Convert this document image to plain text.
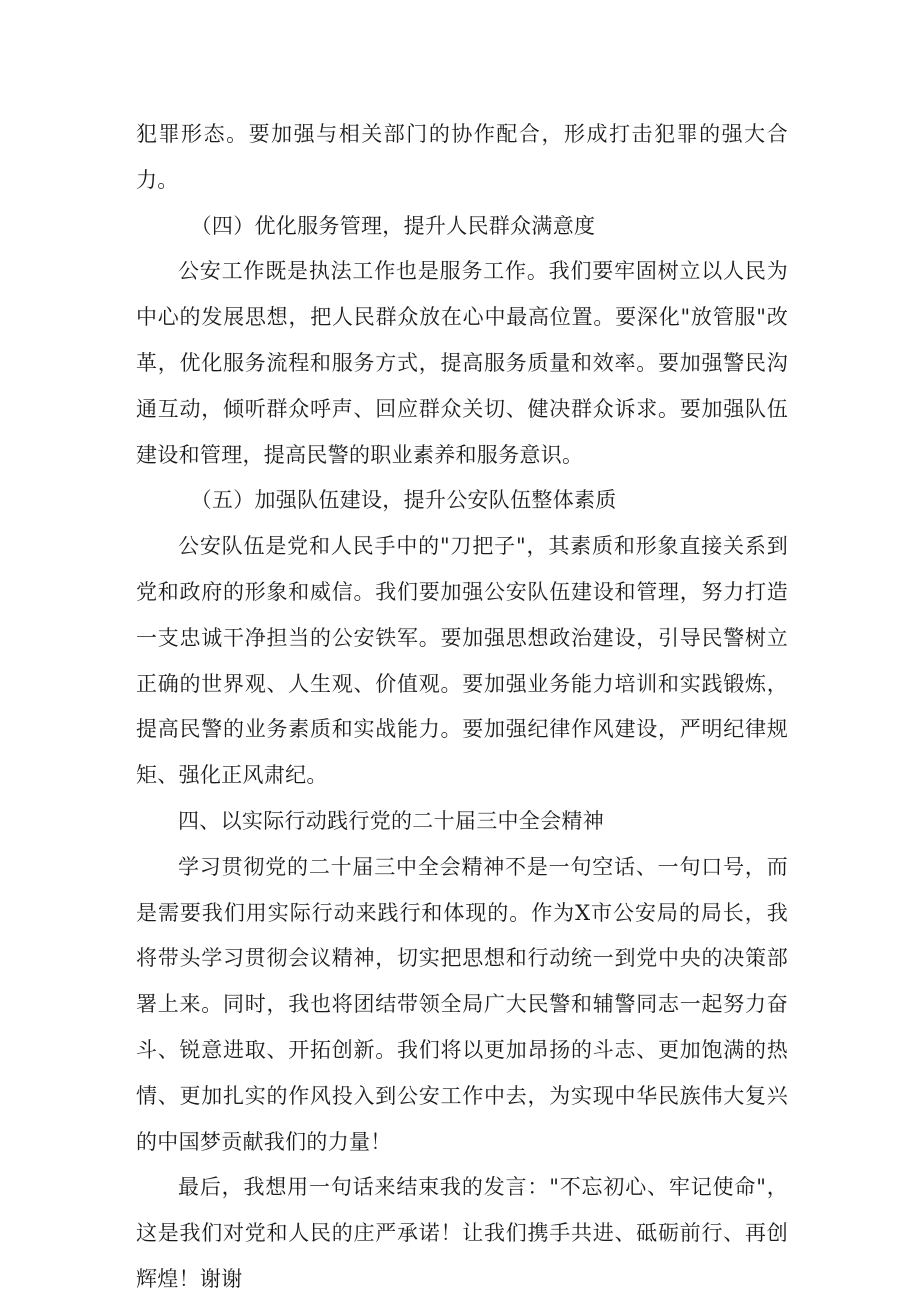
犯罪形态。要加强与相关部门的协作配合，形成打击犯罪的强大合力。

（四）优化服务管理，提升人民群众满意度

公安工作既是执法工作也是服务工作。我们要牢固树立以人民为中心的发展思想，把人民群众放在心中最高位置。要深化"放管服"改革，优化服务流程和服务方式，提高服务质量和效率。要加强警民沟通互动，倾听群众呼声、回应群众关切、健决群众诉求。要加强队伍建设和管理，提高民警的职业素养和服务意识。

（五）加强队伍建设，提升公安队伍整体素质

公安队伍是党和人民手中的"刀把子"，其素质和形象直接关系到党和政府的形象和威信。我们要加强公安队伍建设和管理，努力打造一支忠诚干净担当的公安铁军。要加强思想政治建设，引导民警树立正确的世界观、人生观、价值观。要加强业务能力培训和实践锻炼，提高民警的业务素质和实战能力。要加强纪律作风建设，严明纪律规矩、强化正风肃纪。

四、以实际行动践行党的二十届三中全会精神

学习贯彻党的二十届三中全会精神不是一句空话、一句口号，而是需要我们用实际行动来践行和体现的。作为X市公安局的局长，我将带头学习贯彻会议精神，切实把思想和行动统一到党中央的决策部署上来。同时，我也将团结带领全局广大民警和辅警同志一起努力奋斗、锐意进取、开拓创新。我们将以更加昂扬的斗志、更加饱满的热情、更加扎实的作风投入到公安工作中去，为实现中华民族伟大复兴的中国梦贡献我们的力量！

最后，我想用一句话来结束我的发言："不忘初心、牢记使命"，这是我们对党和人民的庄严承诺！让我们携手共进、砥砺前行、再创辉煌！谢谢
